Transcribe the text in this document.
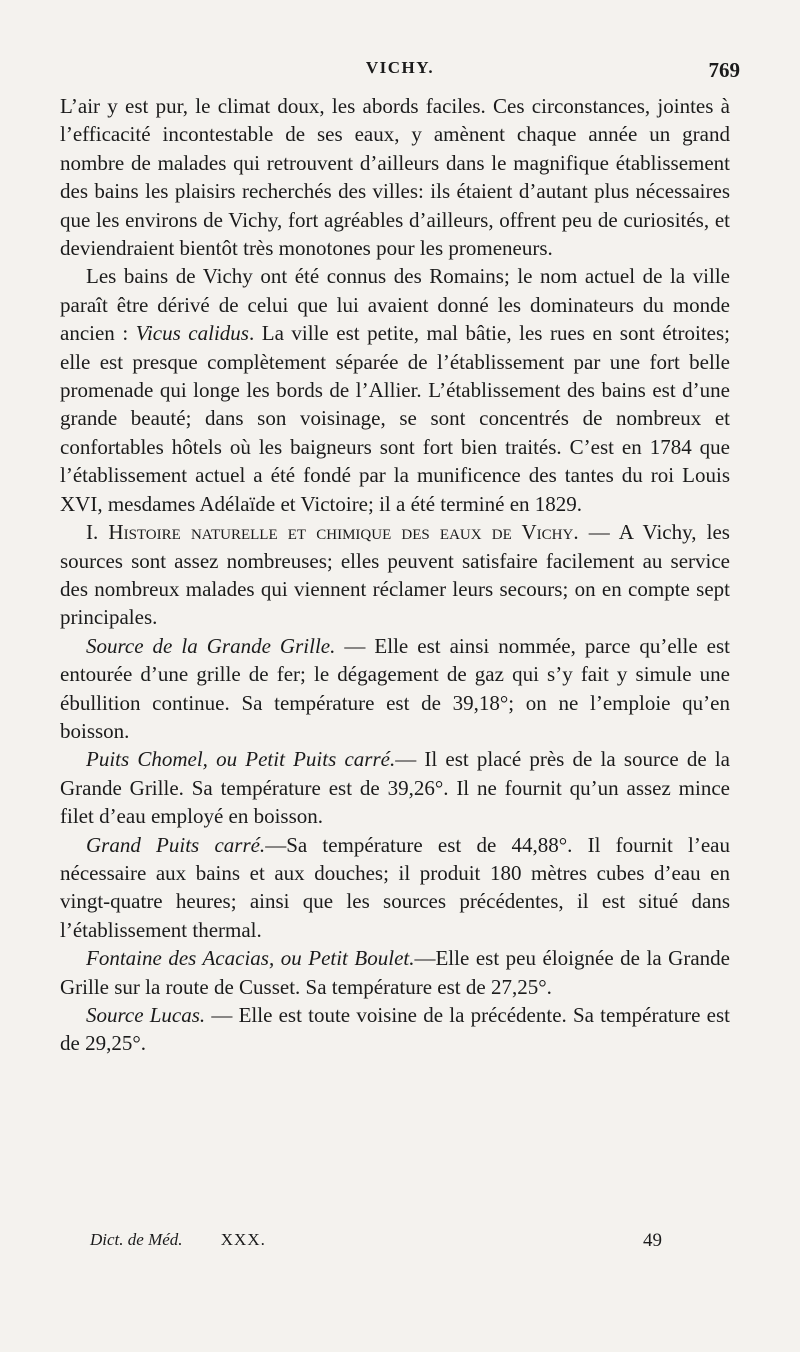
VICHY.	769

L’air y est pur, le climat doux, les abords faciles. Ces circonstances, jointes à l’efficacité incontestable de ses eaux, y amènent chaque année un grand nombre de malades qui retrouvent d’ailleurs dans le magnifique établissement des bains les plaisirs recherchés des villes: ils étaient d’autant plus nécessaires que les environs de Vichy, fort agréables d’ailleurs, offrent peu de curiosités, et deviendraient bientôt très monotones pour les promeneurs.

Les bains de Vichy ont été connus des Romains; le nom actuel de la ville paraît être dérivé de celui que lui avaient donné les dominateurs du monde ancien : Vicus calidus. La ville est petite, mal bâtie, les rues en sont étroites; elle est presque complètement séparée de l’établissement par une fort belle promenade qui longe les bords de l’Allier. L’établissement des bains est d’une grande beauté; dans son voisinage, se sont concentrés de nombreux et confortables hôtels où les baigneurs sont fort bien traités. C’est en 1784 que l’établissement actuel a été fondé par la munificence des tantes du roi Louis XVI, mesdames Adélaïde et Victoire; il a été terminé en 1829.

I. Histoire naturelle et chimique des eaux de Vichy. — A Vichy, les sources sont assez nombreuses; elles peuvent satisfaire facilement au service des nombreux malades qui viennent réclamer leurs secours; on en compte sept principales.

Source de la Grande Grille. — Elle est ainsi nommée, parce qu’elle est entourée d’une grille de fer; le dégagement de gaz qui s’y fait y simule une ébullition continue. Sa température est de 39,18°; on ne l’emploie qu’en boisson.

Puits Chomel, ou Petit Puits carré.— Il est placé près de la source de la Grande Grille. Sa température est de 39,26°. Il ne fournit qu’un assez mince filet d’eau employé en boisson.

Grand Puits carré.—Sa température est de 44,88°. Il fournit l’eau nécessaire aux bains et aux douches; il produit 180 mètres cubes d’eau en vingt-quatre heures; ainsi que les sources précédentes, il est situé dans l’établissement thermal.

Fontaine des Acacias, ou Petit Boulet.—Elle est peu éloignée de la Grande Grille sur la route de Cusset. Sa température est de 27,25°.

Source Lucas. — Elle est toute voisine de la précédente. Sa température est de 29,25°.

Dict. de Méd. XXX.	49
